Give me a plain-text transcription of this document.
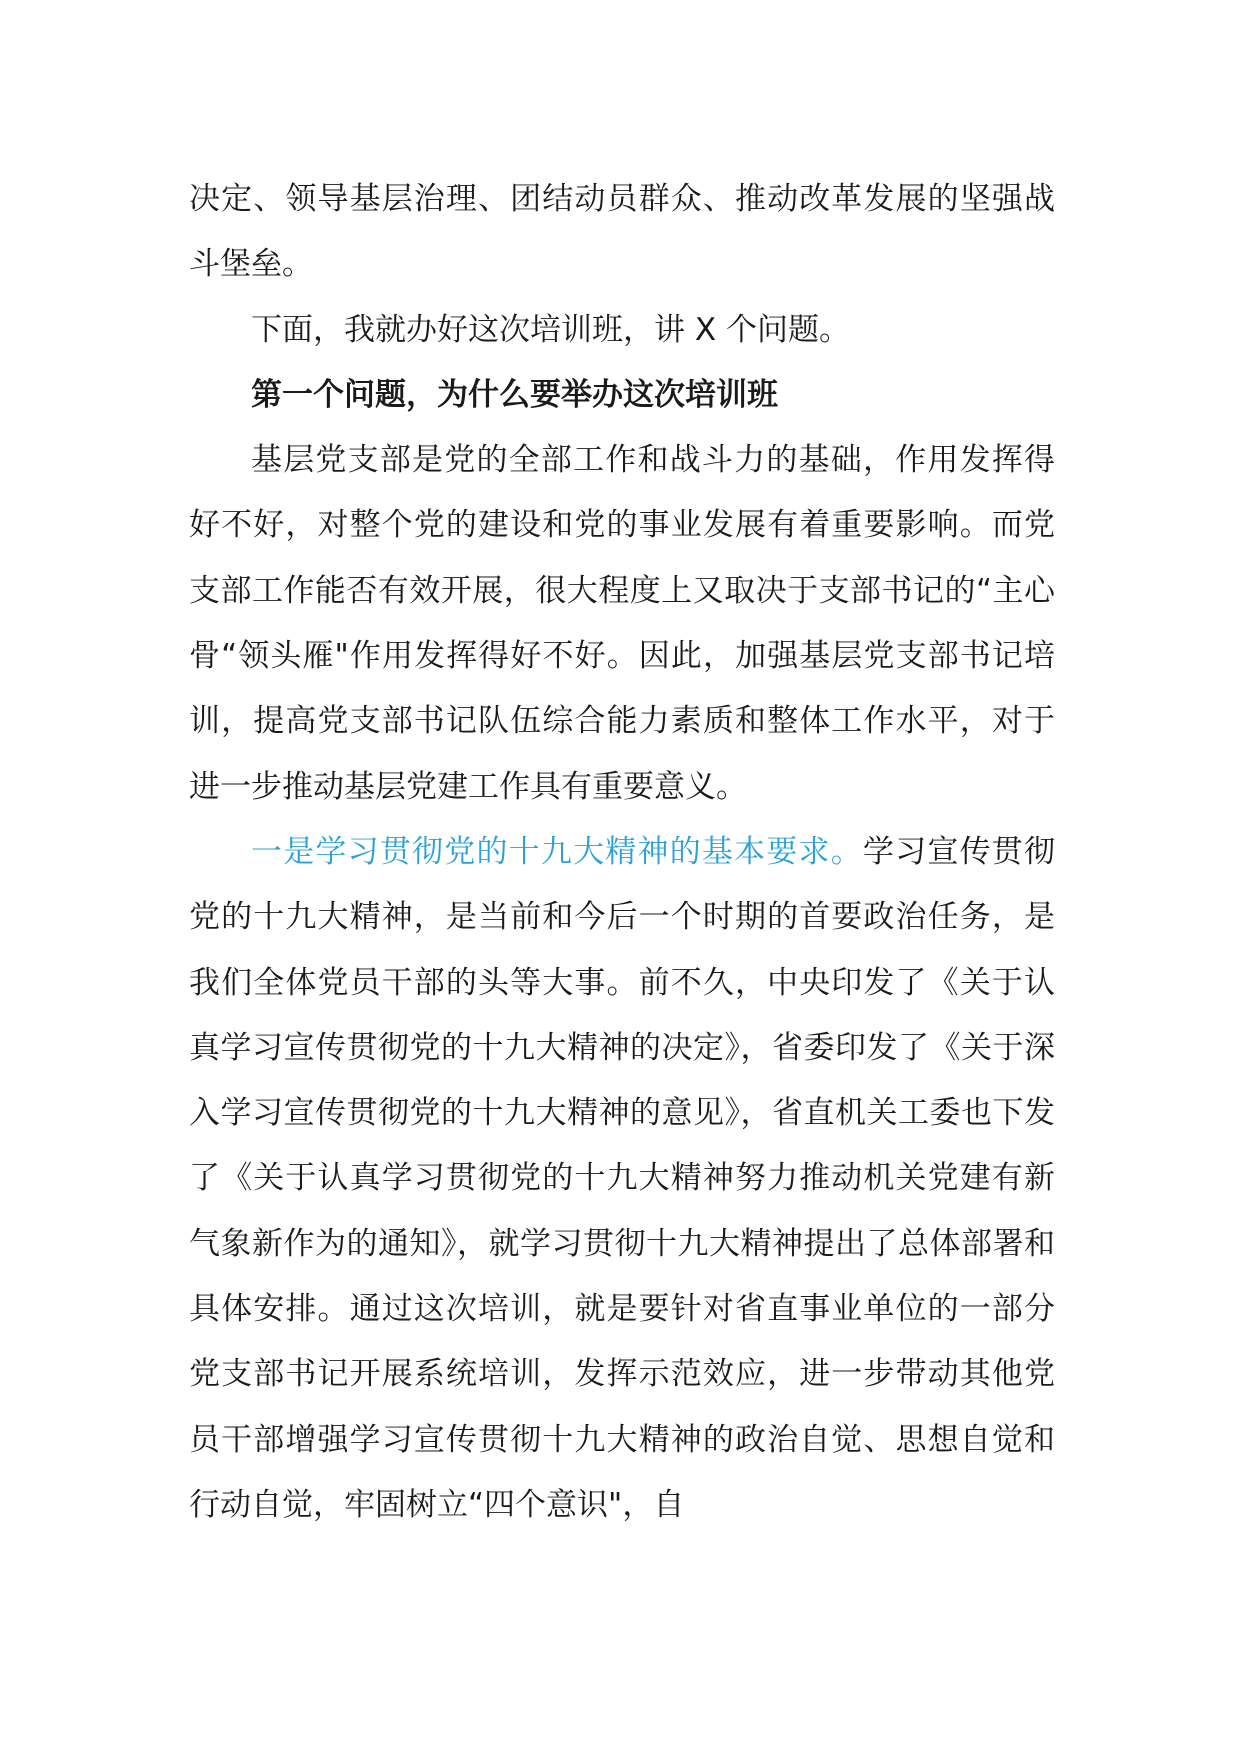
决定、领导基层治理、团结动员群众、推动改革发展的坚强战斗堡垒。

下面，我就办好这次培训班，讲 X 个问题。

第一个问题，为什么要举办这次培训班

基层党支部是党的全部工作和战斗力的基础，作用发挥得好不好，对整个党的建设和党的事业发展有着重要影响。而党支部工作能否有效开展，很大程度上又取决于支部书记的“主心骨“领头雁"作用发挥得好不好。因此，加强基层党支部书记培训，提高党支部书记队伍综合能力素质和整体工作水平，对于进一步推动基层党建工作具有重要意义。

一是学习贯彻党的十九大精神的基本要求。学习宣传贯彻党的十九大精神，是当前和今后一个时期的首要政治任务，是我们全体党员干部的头等大事。前不久，中央印发了《关于认真学习宣传贯彻党的十九大精神的决定》，省委印发了《关于深入学习宣传贯彻党的十九大精神的意见》，省直机关工委也下发了《关于认真学习贯彻党的十九大精神努力推动机关党建有新气象新作为的通知》，就学习贯彻十九大精神提出了总体部署和具体安排。通过这次培训，就是要针对省直事业单位的一部分党支部书记开展系统培训，发挥示范效应，进一步带动其他党员干部增强学习宣传贯彻十九大精神的政治自觉、思想自觉和行动自觉，牢固树立“四个意识"，自
